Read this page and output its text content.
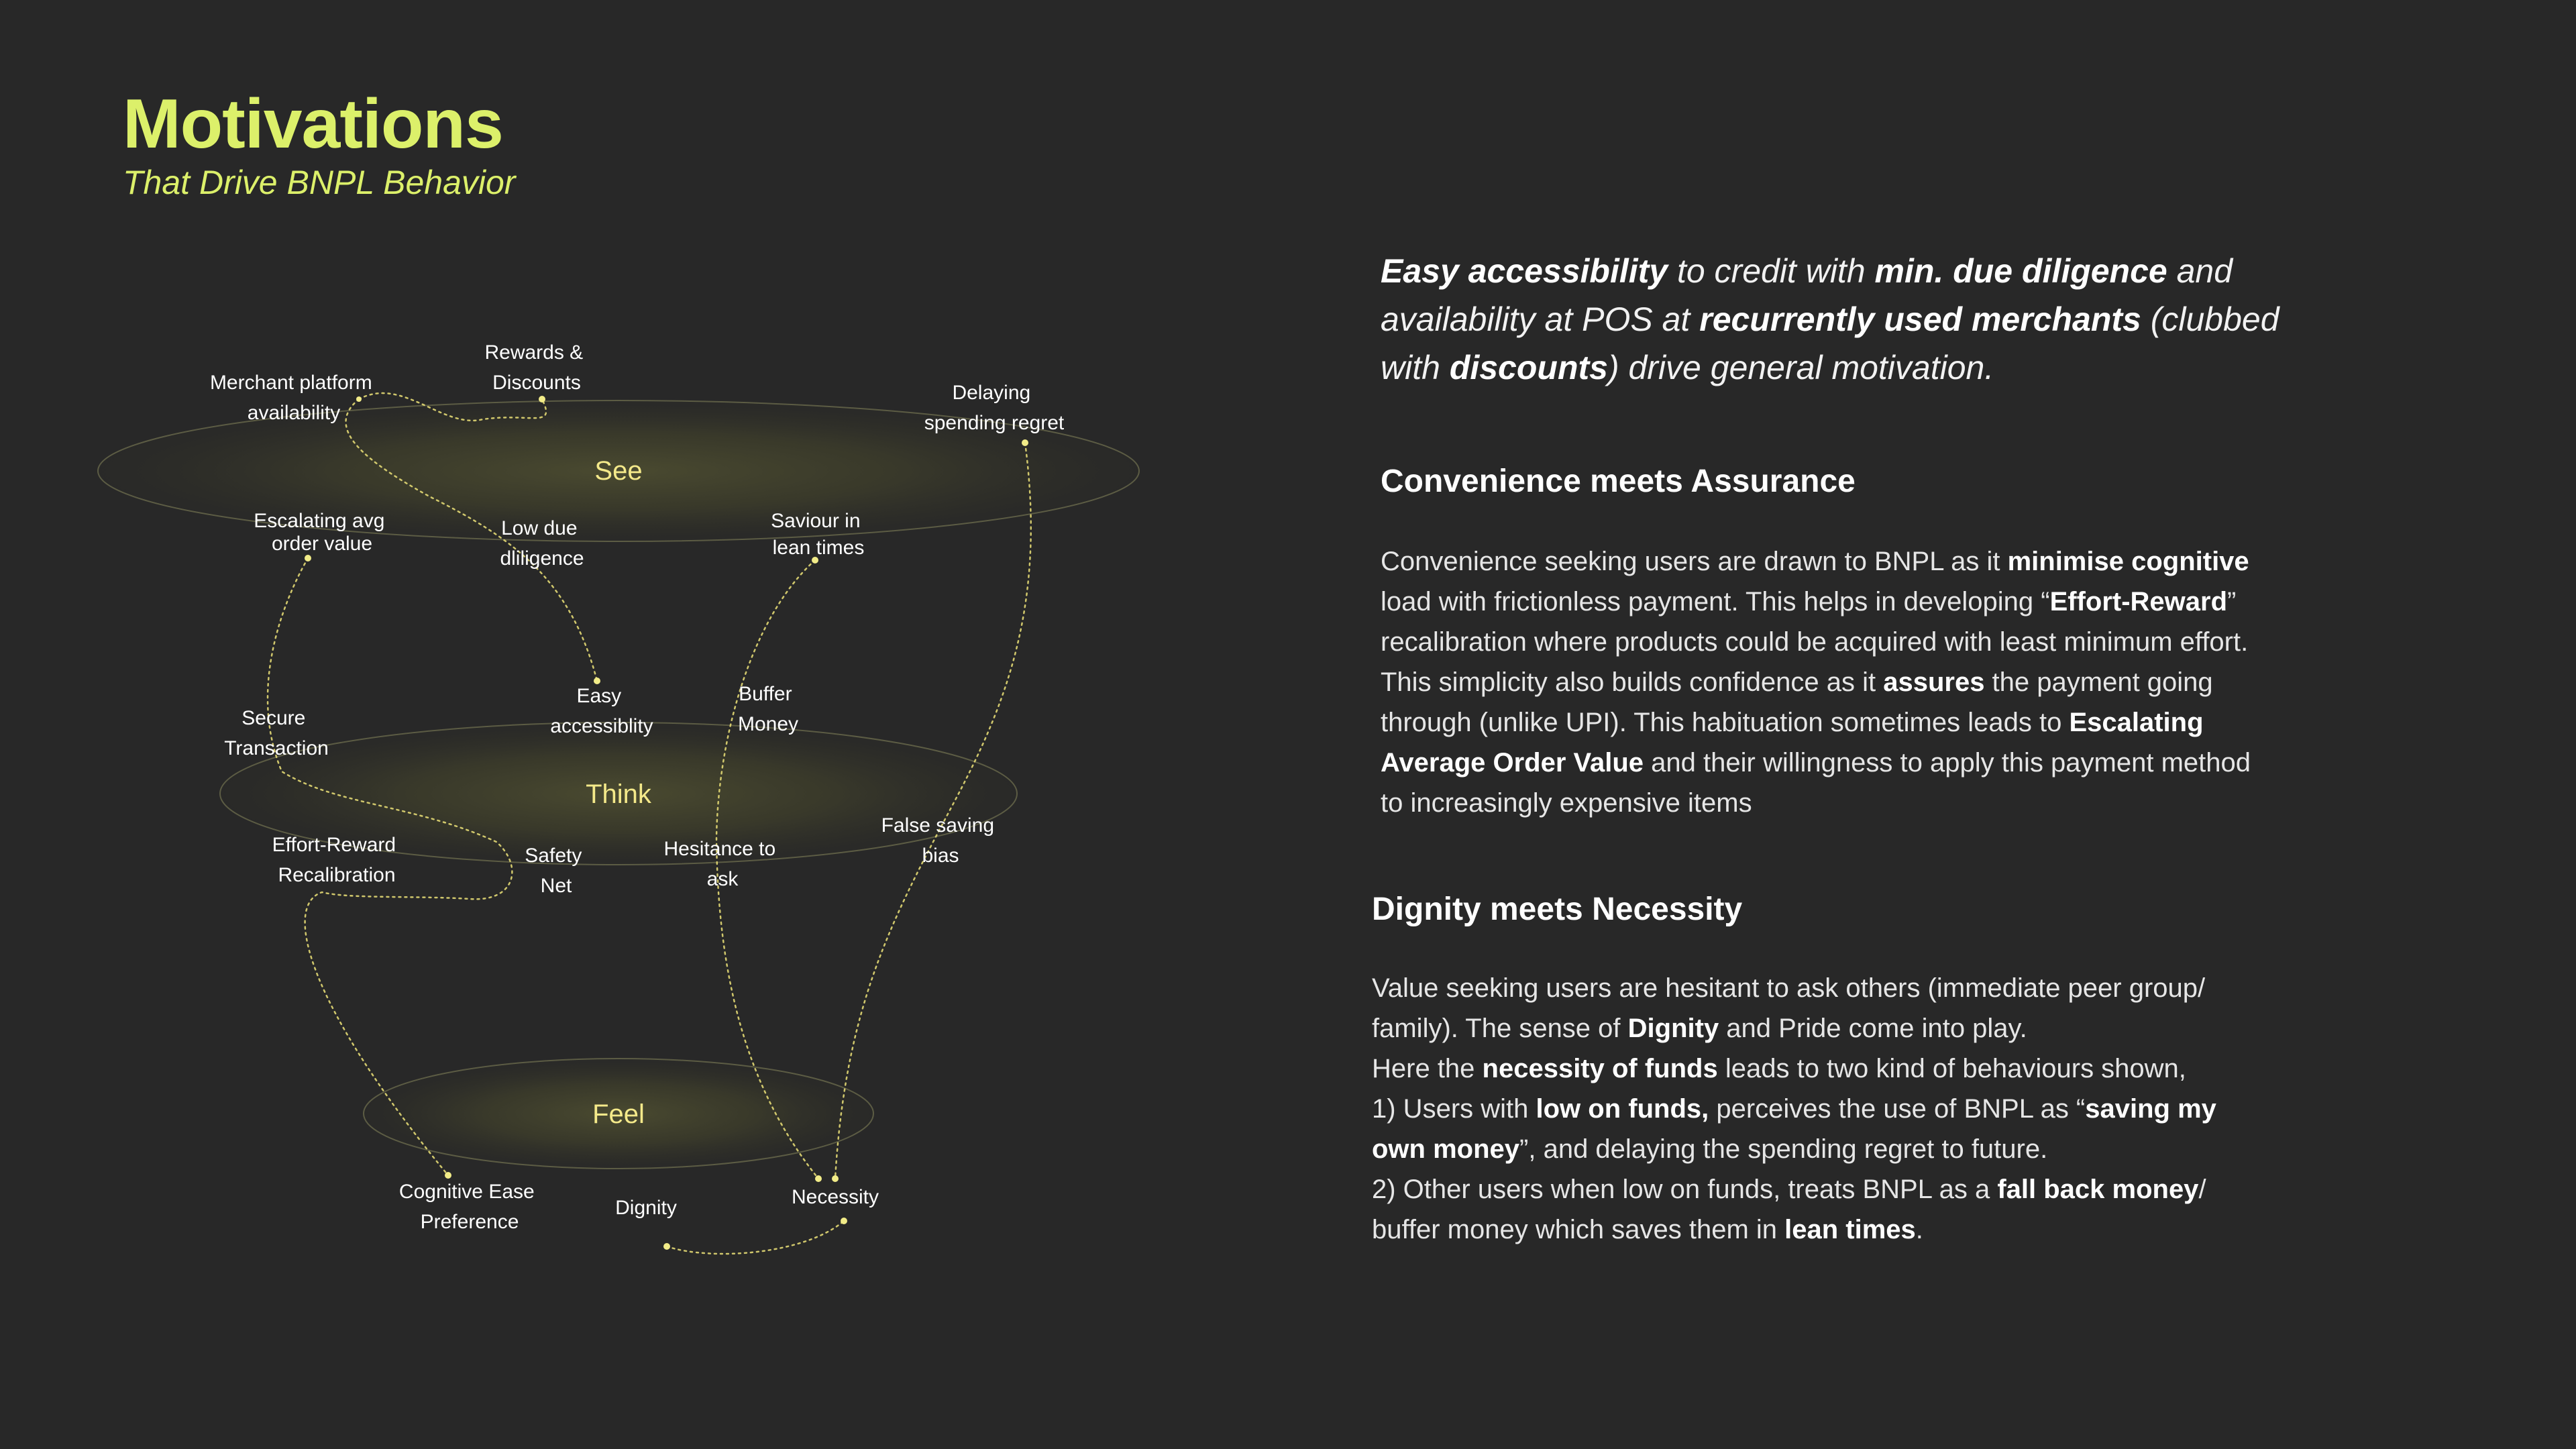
Motivations
That Drive BNPL Behavior
See
Think
Feel
Rewards & Discounts
Merchant platform availability
Delaying spending regret
Escalating avg order value
Low due dliligence
Saviour in lean times
Easy accessiblity
Buffer Money
Secure Transaction
Effort-Reward Recalibration
Safety Net
Hesitance to ask
False saving bias
Cognitive Ease Preference
Dignity	Necessity

Easy accessibility to credit with min. due diligence and availability at POS at recurrently used merchants (clubbed with discounts) drive general motivation.

Convenience meets Assurance

Convenience seeking users are drawn to BNPL as it minimise cognitive load with frictionless payment. This helps in developing “Effort-Reward” recalibration where products could be acquired with least minimum effort. This simplicity also builds confidence as it assures the payment going through (unlike UPI). This habituation sometimes leads to Escalating Average Order Value and their willingness to apply this payment method to increasingly expensive items

Dignity meets Necessity
Value seeking users are hesitant to ask others (immediate peer group/ family). The sense of Dignity and Pride come into play.
Here the necessity of funds leads to two kind of behaviours shown,
1) Users with low on funds, perceives the use of BNPL as “saving my own money”, and delaying the spending regret to future.
2) Other users when low on funds, treats BNPL as a fall back money/ buffer money which saves them in lean times.
